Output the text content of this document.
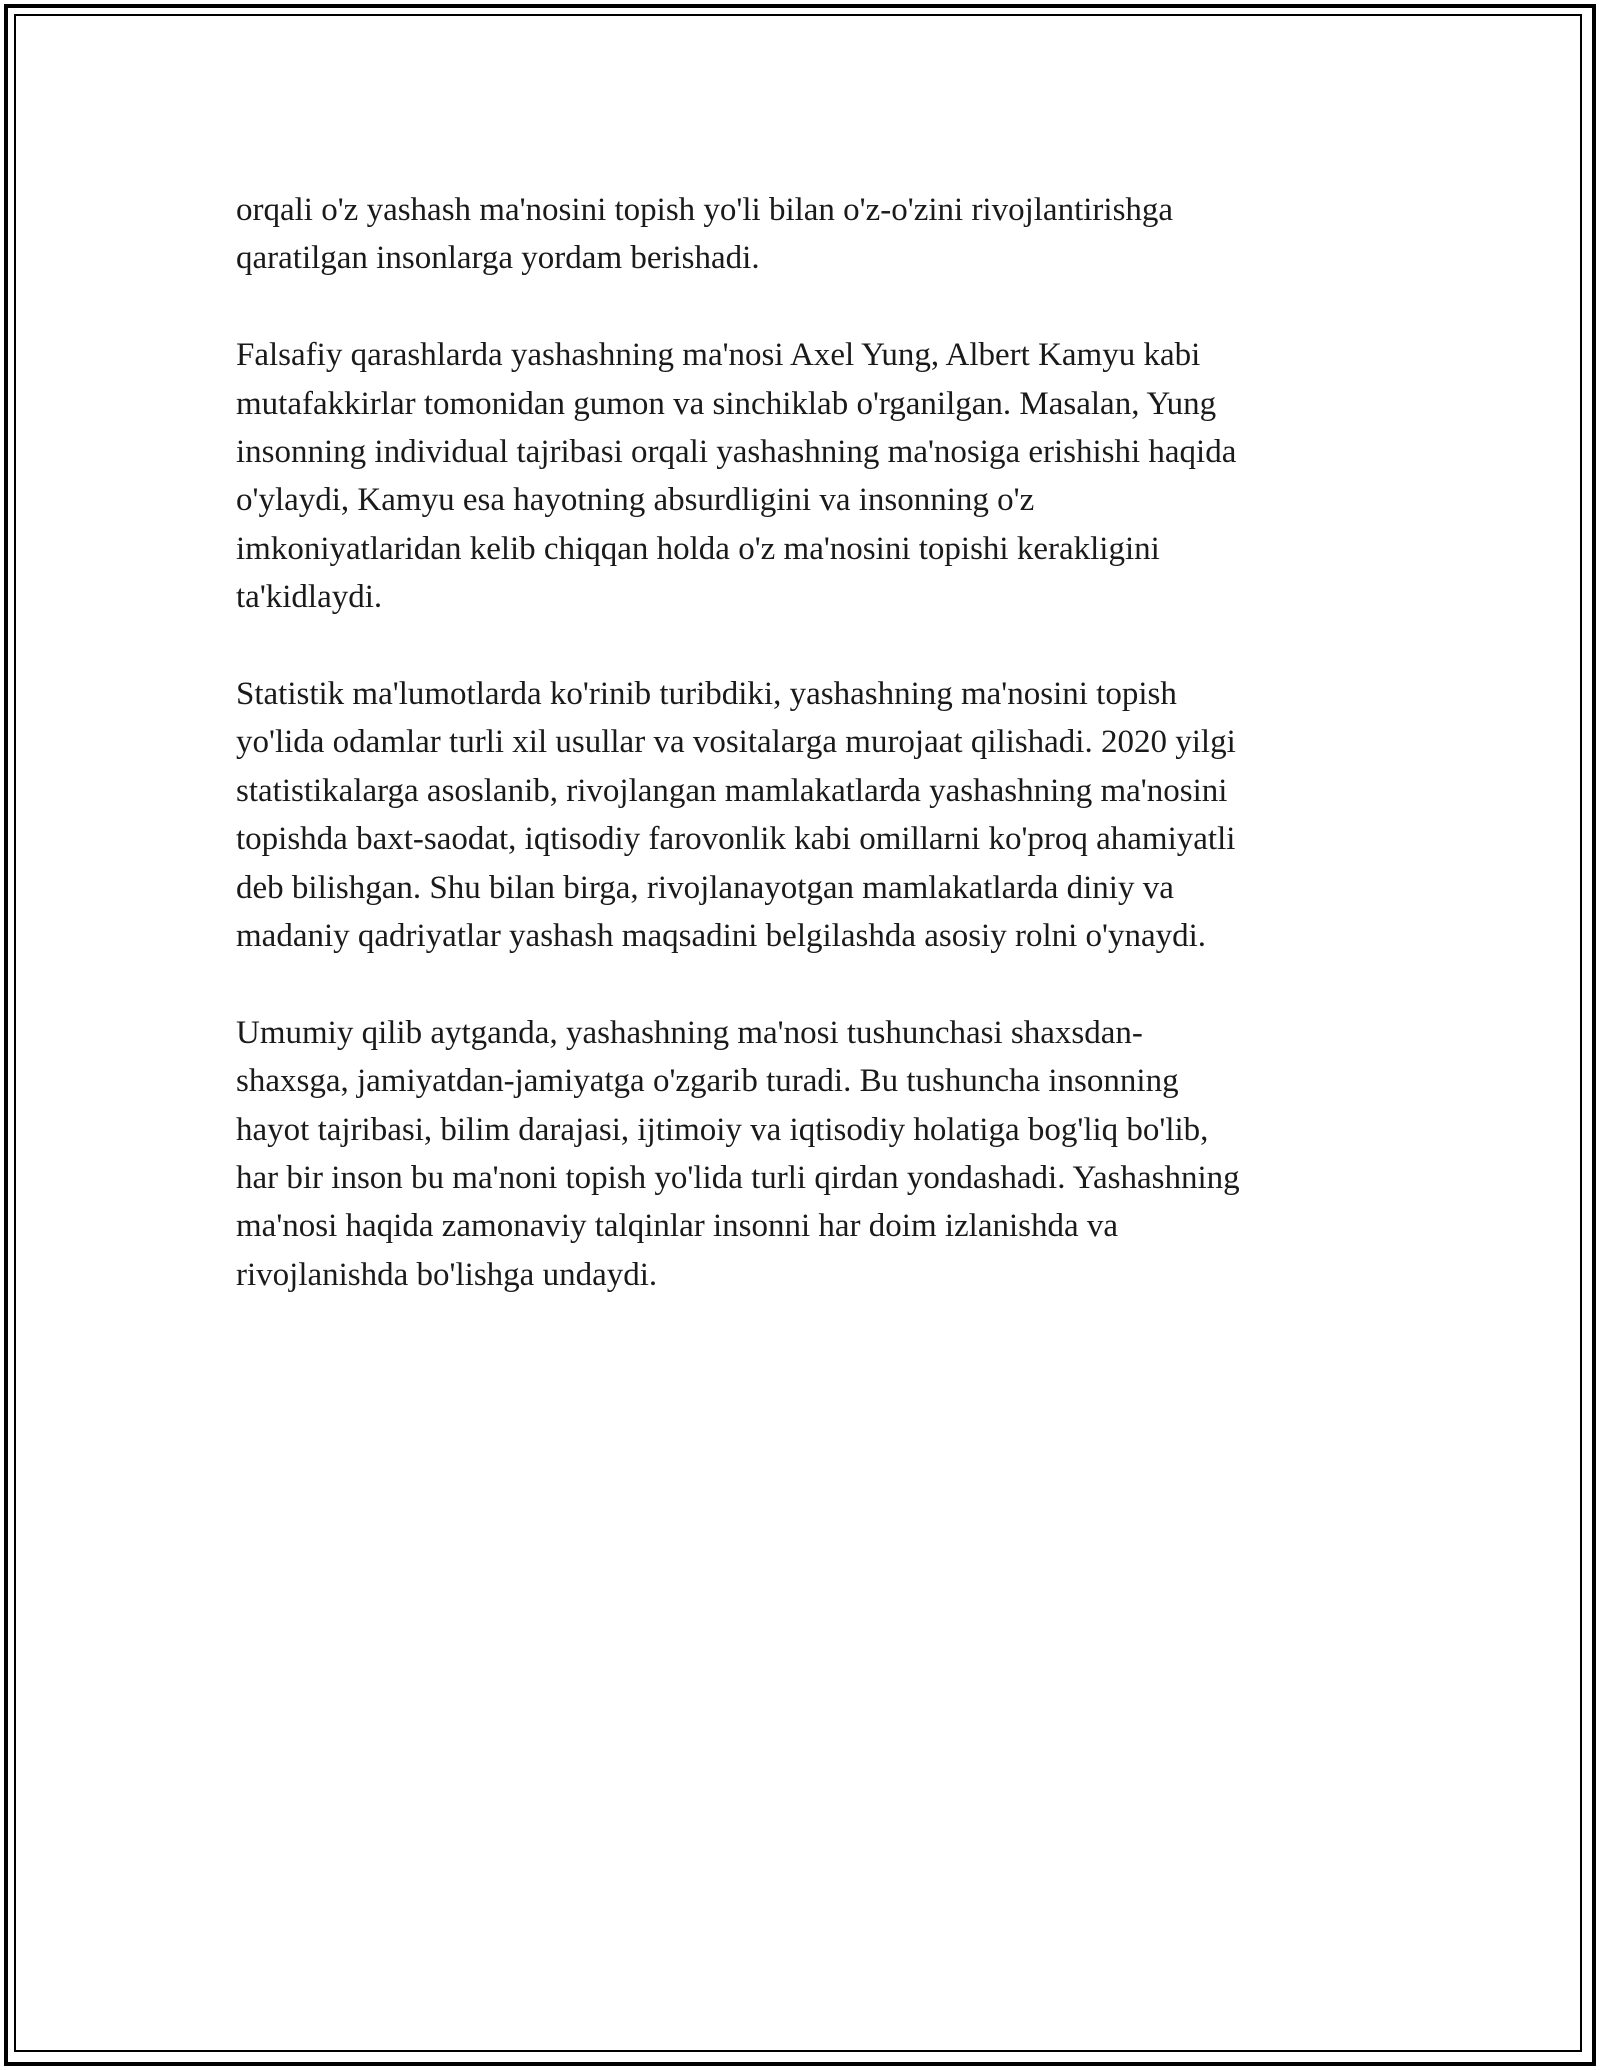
orqali o'z yashash ma'nosini topish yo'li bilan o'z-o'zini rivojlantirishga
qaratilgan insonlarga yordam berishadi.

Falsafiy qarashlarda yashashning ma'nosi Axel Yung, Albert Kamyu kabi
mutafakkirlar tomonidan gumon va sinchiklab o'rganilgan. Masalan, Yung
insonning individual tajribasi orqali yashashning ma'nosiga erishishi haqida
o'ylaydi, Kamyu esa hayotning absurdligini va insonning o'z
imkoniyatlaridan kelib chiqqan holda o'z ma'nosini topishi kerakligini
ta'kidlaydi.

Statistik ma'lumotlarda ko'rinib turibdiki, yashashning ma'nosini topish
yo'lida odamlar turli xil usullar va vositalarga murojaat qilishadi. 2020 yilgi
statistikalarga asoslanib, rivojlangan mamlakatlarda yashashning ma'nosini
topishda baxt-saodat, iqtisodiy farovonlik kabi omillarni ko'proq ahamiyatli
deb bilishgan. Shu bilan birga, rivojlanayotgan mamlakatlarda diniy va
madaniy qadriyatlar yashash maqsadini belgilashda asosiy rolni o'ynaydi.

Umumiy qilib aytganda, yashashning ma'nosi tushunchasi shaxsdan-
shaxsga, jamiyatdan-jamiyatga o'zgarib turadi. Bu tushuncha insonning
hayot tajribasi, bilim darajasi, ijtimoiy va iqtisodiy holatiga bog'liq bo'lib,
har bir inson bu ma'noni topish yo'lida turli qirdan yondashadi. Yashashning
ma'nosi haqida zamonaviy talqinlar insonni har doim izlanishda va
rivojlanishda bo'lishga undaydi.
